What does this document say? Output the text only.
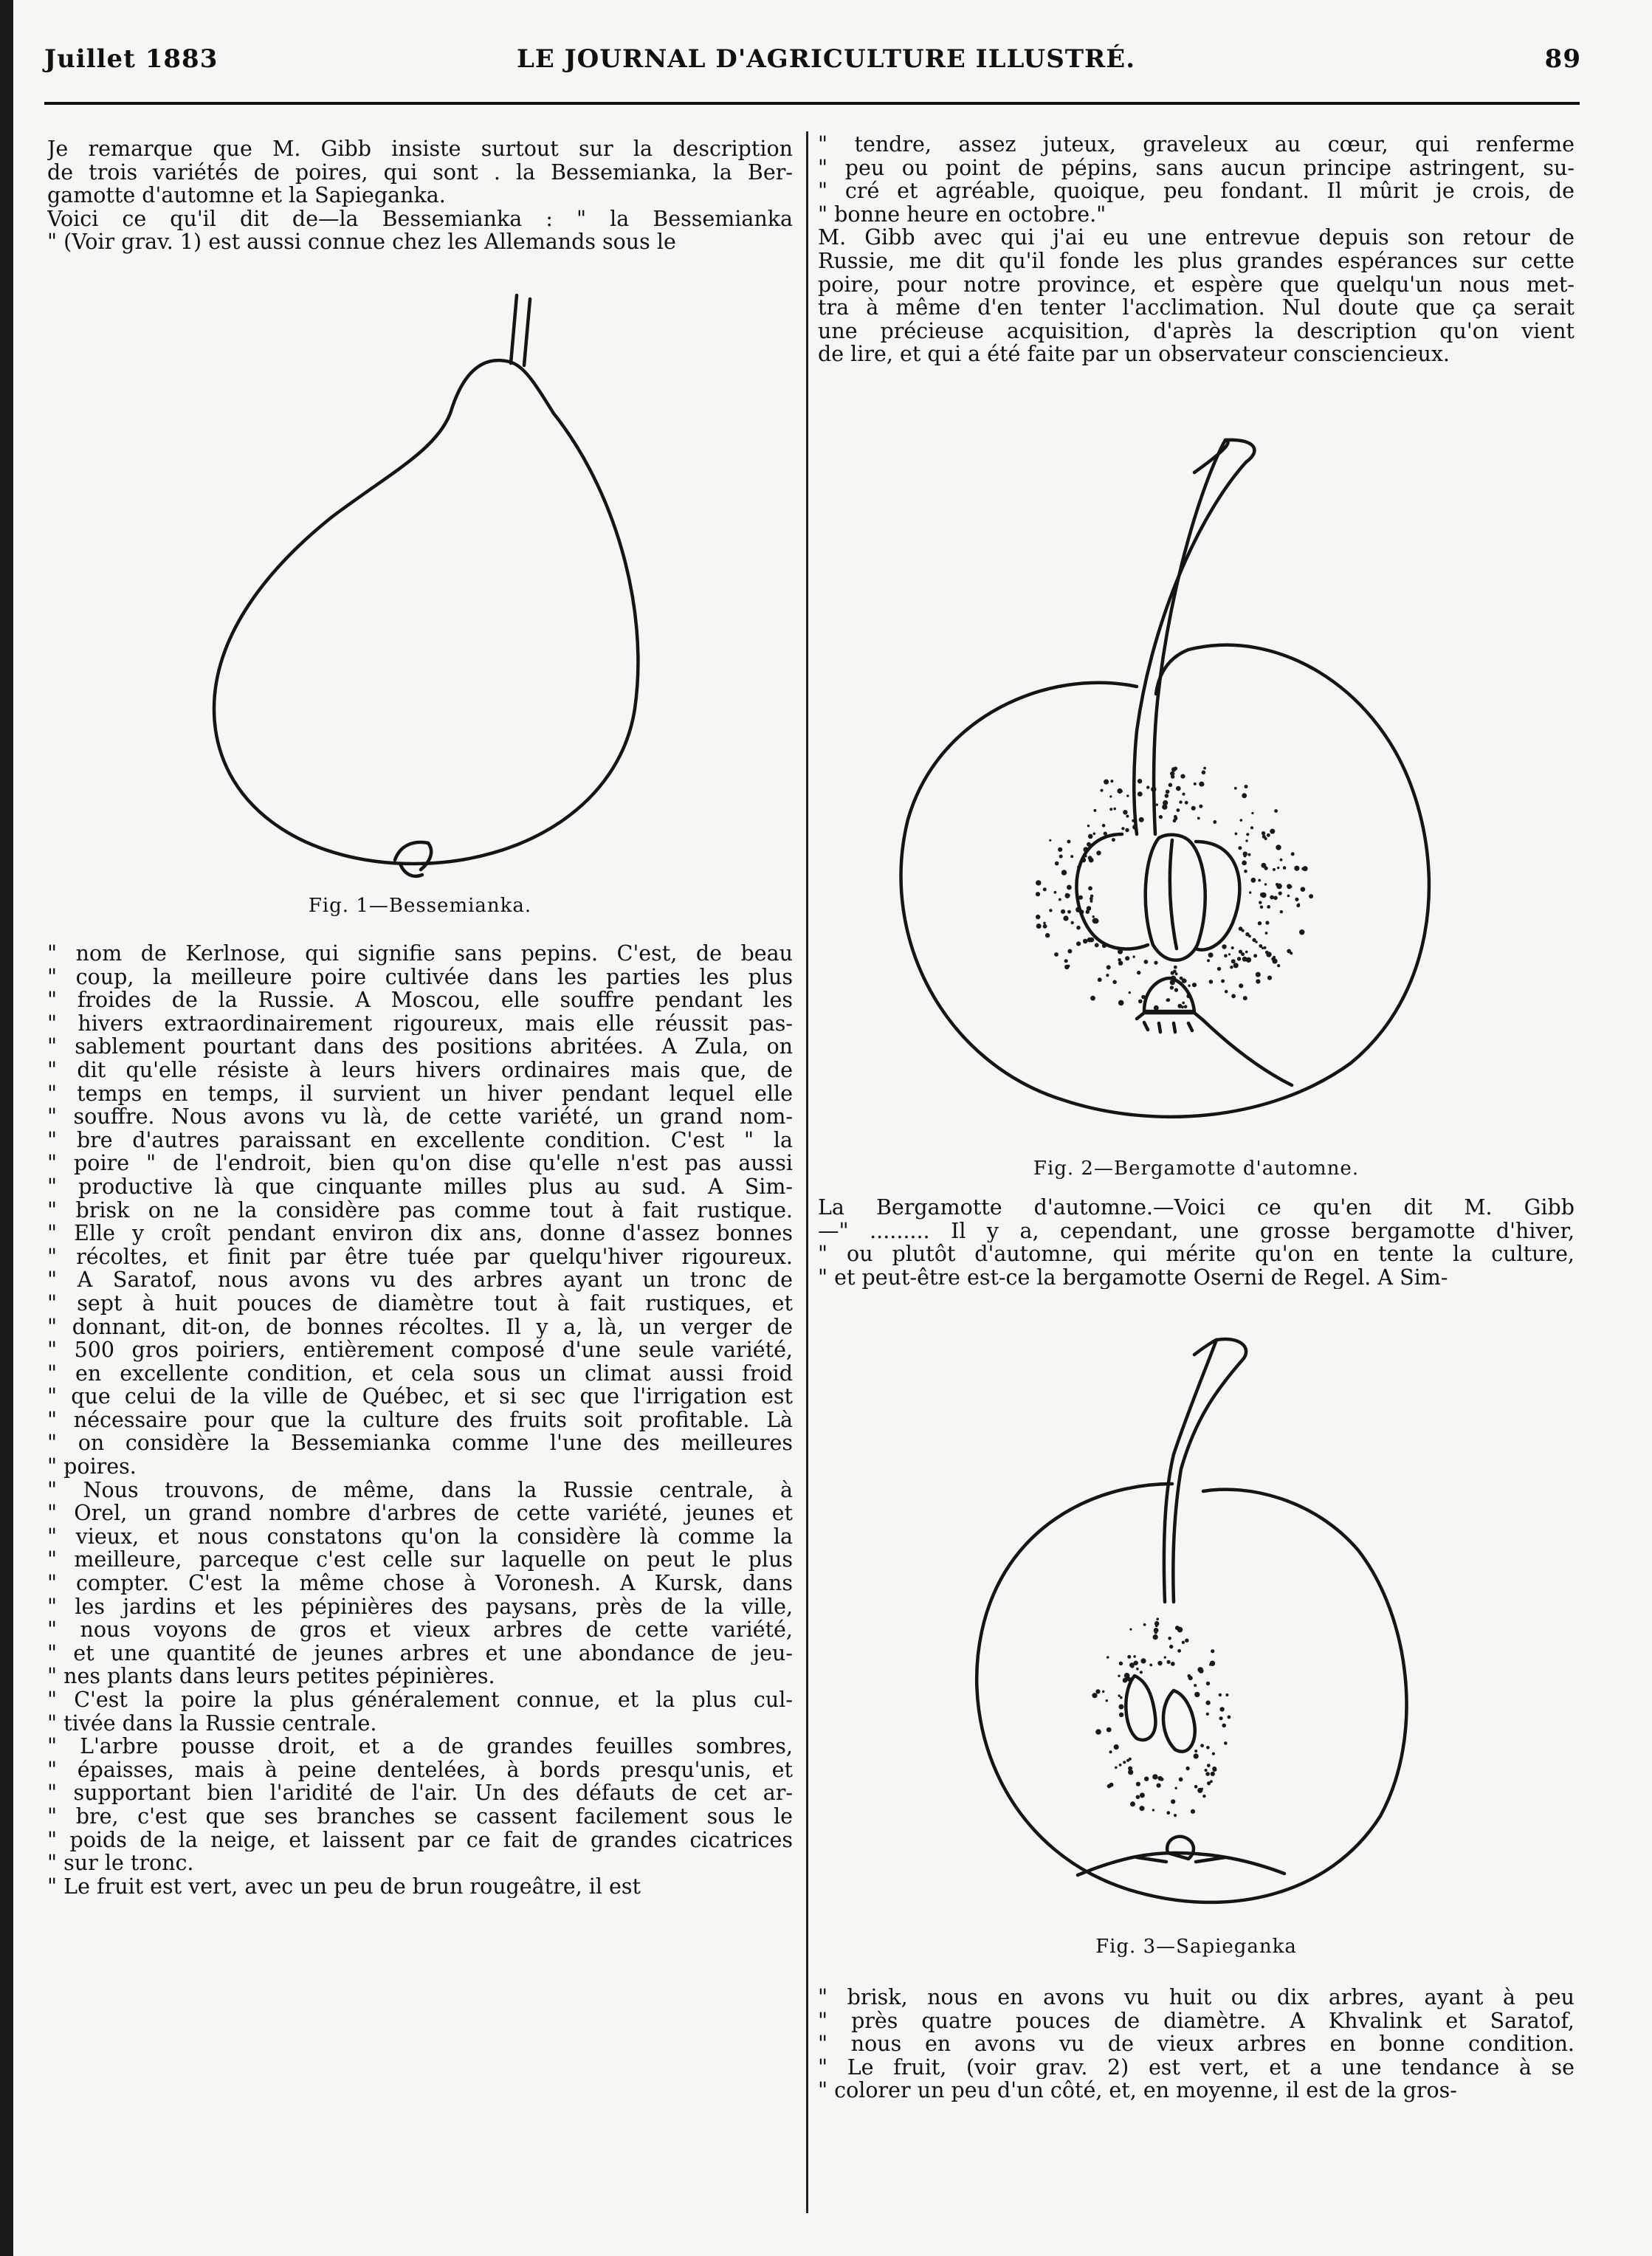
Juillet 1883	LE JOURNAL D'AGRICULTURE ILLUSTRÉ.	89
Je remarque que M. Gibb insiste surtout sur la description
de trois variétés de poires, qui sont . la Bessemianka, la Ber-
gamotte d'automne et la Sapieganka.
Voici ce qu'il dit de—la Bessemianka : " la Bessemianka
" (Voir grav. 1) est aussi connue chez les Allemands sous le
Fig. 1—Bessemianka.
" nom de Kerlnose, qui signifie sans pepins. C'est, de beau
" coup, la meilleure poire cultivée dans les parties les plus
" froides de la Russie. A Moscou, elle souffre pendant les
" hivers extraordinairement rigoureux, mais elle réussit pas-
" sablement pourtant dans des positions abritées. A Zula, on
" dit qu'elle résiste à leurs hivers ordinaires mais que, de
" temps en temps, il survient un hiver pendant lequel elle
" souffre. Nous avons vu là, de cette variété, un grand nom-
" bre d'autres paraissant en excellente condition. C'est " la
" poire " de l'endroit, bien qu'on dise qu'elle n'est pas aussi
" productive là que cinquante milles plus au sud. A Sim-
" brisk on ne la considère pas comme tout à fait rustique.
" Elle y croît pendant environ dix ans, donne d'assez bonnes
" récoltes, et finit par être tuée par quelqu'hiver rigoureux.
" A Saratof, nous avons vu des arbres ayant un tronc de
" sept à huit pouces de diamètre tout à fait rustiques, et
" donnant, dit-on, de bonnes récoltes. Il y a, là, un verger de
" 500 gros poiriers, entièrement composé d'une seule variété,
" en excellente condition, et cela sous un climat aussi froid
" que celui de la ville de Québec, et si sec que l'irrigation est
" nécessaire pour que la culture des fruits soit profitable. Là
" on considère la Bessemianka comme l'une des meilleures
" poires.
" Nous trouvons, de même, dans la Russie centrale, à
" Orel, un grand nombre d'arbres de cette variété, jeunes et
" vieux, et nous constatons qu'on la considère là comme la
" meilleure, parceque c'est celle sur laquelle on peut le plus
" compter. C'est la même chose à Voronesh. A Kursk, dans
" les jardins et les pépinières des paysans, près de la ville,
" nous voyons de gros et vieux arbres de cette variété,
" et une quantité de jeunes arbres et une abondance de jeu-
" nes plants dans leurs petites pépinières.
" C'est la poire la plus généralement connue, et la plus cul-
" tivée dans la Russie centrale.
" L'arbre pousse droit, et a de grandes feuilles sombres,
" épaisses, mais à peine dentelées, à bords presqu'unis, et
" supportant bien l'aridité de l'air. Un des défauts de cet ar-
" bre, c'est que ses branches se cassent facilement sous le
" poids de la neige, et laissent par ce fait de grandes cicatrices
" sur le tronc.
" Le fruit est vert, avec un peu de brun rougeâtre, il est
" tendre, assez juteux, graveleux au cœur, qui renferme
" peu ou point de pépins, sans aucun principe astringent, su-
" cré et agréable, quoique, peu fondant. Il mûrit je crois, de
" bonne heure en octobre."
M. Gibb avec qui j'ai eu une entrevue depuis son retour de
Russie, me dit qu'il fonde les plus grandes espérances sur cette
poire, pour notre province, et espère que quelqu'un nous met-
tra à même d'en tenter l'acclimation. Nul doute que ça serait
une précieuse acquisition, d'après la description qu'on vient
de lire, et qui a été faite par un observateur consciencieux.
Fig. 2—Bergamotte d'automne.
La Bergamotte d'automne.—Voici ce qu'en dit M. Gibb
—" ......... Il y a, cependant, une grosse bergamotte d'hiver,
" ou plutôt d'automne, qui mérite qu'on en tente la culture,
" et peut-être est-ce la bergamotte Oserni de Regel. A Sim-
Fig. 3—Sapieganka
" brisk, nous en avons vu huit ou dix arbres, ayant à peu
" près quatre pouces de diamètre. A Khvalink et Saratof,
" nous en avons vu de vieux arbres en bonne condition.
" Le fruit, (voir grav. 2) est vert, et a une tendance à se
" colorer un peu d'un côté, et, en moyenne, il est de la gros-
